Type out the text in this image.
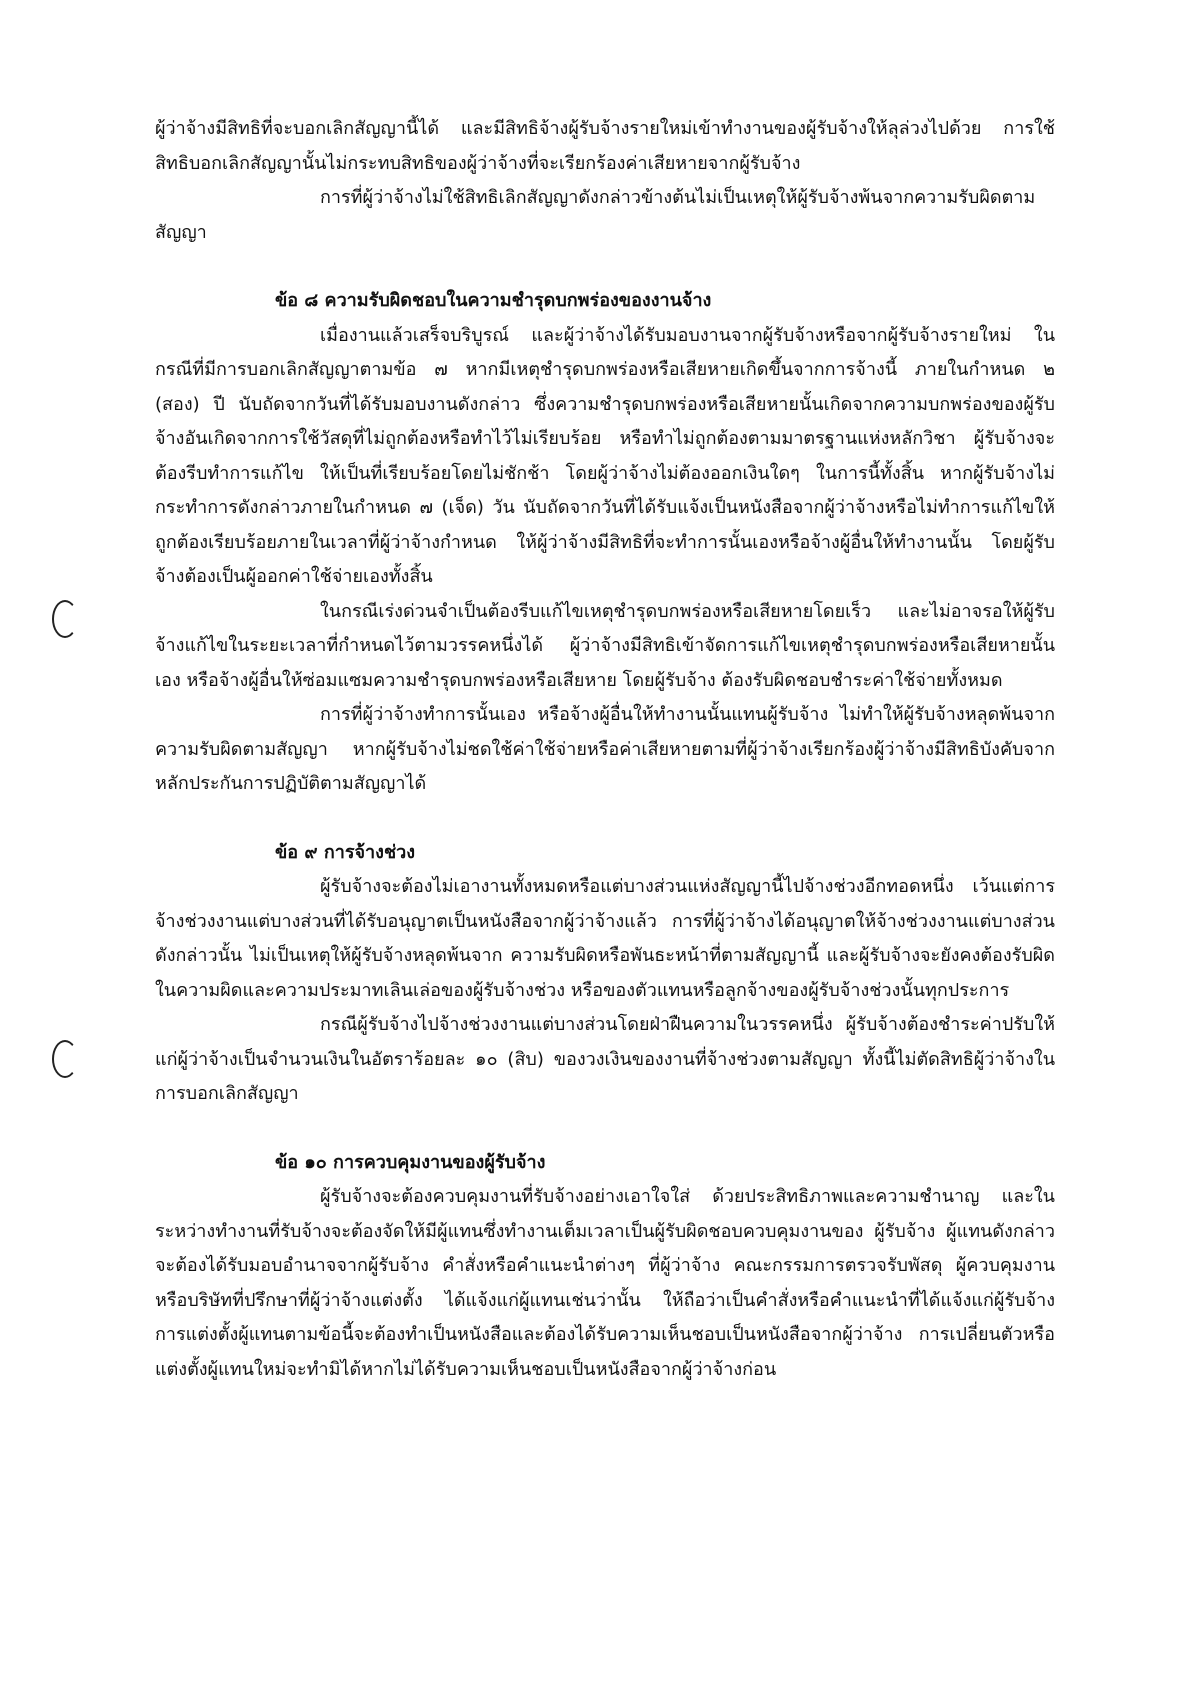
ผู้ว่าจ้างมีสิทธิที่จะบอกเลิกสัญญานี้ได้ และมีสิทธิจ้างผู้รับจ้างรายใหม่เข้าทำงานของผู้รับจ้างให้ลุล่วงไปด้วย การใช้สิทธิบอกเลิกสัญญานั้นไม่กระทบสิทธิของผู้ว่าจ้างที่จะเรียกร้องค่าเสียหายจากผู้รับจ้าง

การที่ผู้ว่าจ้างไม่ใช้สิทธิเลิกสัญญาดังกล่าวข้างต้นไม่เป็นเหตุให้ผู้รับจ้างพ้นจากความรับผิดตามสัญญา

ข้อ ๘ ความรับผิดชอบในความชำรุดบกพร่องของงานจ้าง

เมื่องานแล้วเสร็จบริบูรณ์ และผู้ว่าจ้างได้รับมอบงานจากผู้รับจ้างหรือจากผู้รับจ้างรายใหม่ ในกรณีที่มีการบอกเลิกสัญญาตามข้อ ๗ หากมีเหตุชำรุดบกพร่องหรือเสียหายเกิดขึ้นจากการจ้างนี้ ภายในกำหนด ๒ (สอง) ปี นับถัดจากวันที่ได้รับมอบงานดังกล่าว ซึ่งความชำรุดบกพร่องหรือเสียหายนั้นเกิดจากความบกพร่องของผู้รับจ้างอันเกิดจากการใช้วัสดุที่ไม่ถูกต้องหรือทำไว้ไม่เรียบร้อย หรือทำไม่ถูกต้องตามมาตรฐานแห่งหลักวิชา ผู้รับจ้างจะต้องรีบทำการแก้ไข ให้เป็นที่เรียบร้อยโดยไม่ชักช้า โดยผู้ว่าจ้างไม่ต้องออกเงินใดๆ ในการนี้ทั้งสิ้น หากผู้รับจ้างไม่กระทำการดังกล่าวภายในกำหนด ๗ (เจ็ด) วัน นับถัดจากวันที่ได้รับแจ้งเป็นหนังสือจากผู้ว่าจ้างหรือไม่ทำการแก้ไขให้ถูกต้องเรียบร้อยภายในเวลาที่ผู้ว่าจ้างกำหนด ให้ผู้ว่าจ้างมีสิทธิที่จะทำการนั้นเองหรือจ้างผู้อื่นให้ทำงานนั้น โดยผู้รับจ้างต้องเป็นผู้ออกค่าใช้จ่ายเองทั้งสิ้น

ในกรณีเร่งด่วนจำเป็นต้องรีบแก้ไขเหตุชำรุดบกพร่องหรือเสียหายโดยเร็ว และไม่อาจรอให้ผู้รับจ้างแก้ไขในระยะเวลาที่กำหนดไว้ตามวรรคหนึ่งได้ ผู้ว่าจ้างมีสิทธิเข้าจัดการแก้ไขเหตุชำรุดบกพร่องหรือเสียหายนั้นเอง หรือจ้างผู้อื่นให้ซ่อมแซมความชำรุดบกพร่องหรือเสียหาย โดยผู้รับจ้าง ต้องรับผิดชอบชำระค่าใช้จ่ายทั้งหมด

การที่ผู้ว่าจ้างทำการนั้นเอง หรือจ้างผู้อื่นให้ทำงานนั้นแทนผู้รับจ้าง ไม่ทำให้ผู้รับจ้างหลุดพ้นจากความรับผิดตามสัญญา หากผู้รับจ้างไม่ชดใช้ค่าใช้จ่ายหรือค่าเสียหายตามที่ผู้ว่าจ้างเรียกร้องผู้ว่าจ้างมีสิทธิบังคับจากหลักประกันการปฏิบัติตามสัญญาได้

ข้อ ๙ การจ้างช่วง

ผู้รับจ้างจะต้องไม่เอางานทั้งหมดหรือแต่บางส่วนแห่งสัญญานี้ไปจ้างช่วงอีกทอดหนึ่ง เว้นแต่การจ้างช่วงงานแต่บางส่วนที่ได้รับอนุญาตเป็นหนังสือจากผู้ว่าจ้างแล้ว การที่ผู้ว่าจ้างได้อนุญาตให้จ้างช่วงงานแต่บางส่วนดังกล่าวนั้น ไม่เป็นเหตุให้ผู้รับจ้างหลุดพ้นจาก ความรับผิดหรือพันธะหน้าที่ตามสัญญานี้ และผู้รับจ้างจะยังคงต้องรับผิดในความผิดและความประมาทเลินเล่อของผู้รับจ้างช่วง หรือของตัวแทนหรือลูกจ้างของผู้รับจ้างช่วงนั้นทุกประการ

กรณีผู้รับจ้างไปจ้างช่วงงานแต่บางส่วนโดยฝ่าฝืนความในวรรคหนึ่ง ผู้รับจ้างต้องชำระค่าปรับให้แก่ผู้ว่าจ้างเป็นจำนวนเงินในอัตราร้อยละ ๑๐ (สิบ) ของวงเงินของงานที่จ้างช่วงตามสัญญา ทั้งนี้ไม่ตัดสิทธิผู้ว่าจ้างในการบอกเลิกสัญญา

ข้อ ๑๐ การควบคุมงานของผู้รับจ้าง

ผู้รับจ้างจะต้องควบคุมงานที่รับจ้างอย่างเอาใจใส่ ด้วยประสิทธิภาพและความชำนาญ และในระหว่างทำงานที่รับจ้างจะต้องจัดให้มีผู้แทนซึ่งทำงานเต็มเวลาเป็นผู้รับผิดชอบควบคุมงานของ ผู้รับจ้าง ผู้แทนดังกล่าวจะต้องได้รับมอบอำนาจจากผู้รับจ้าง คำสั่งหรือคำแนะนำต่างๆ ที่ผู้ว่าจ้าง คณะกรรมการตรวจรับพัสดุ ผู้ควบคุมงาน หรือบริษัทที่ปรึกษาที่ผู้ว่าจ้างแต่งตั้ง ได้แจ้งแก่ผู้แทนเช่นว่านั้น ให้ถือว่าเป็นคำสั่งหรือคำแนะนำที่ได้แจ้งแก่ผู้รับจ้าง การแต่งตั้งผู้แทนตามข้อนี้จะต้องทำเป็นหนังสือและต้องได้รับความเห็นชอบเป็นหนังสือจากผู้ว่าจ้าง การเปลี่ยนตัวหรือแต่งตั้งผู้แทนใหม่จะทำมิได้หากไม่ได้รับความเห็นชอบเป็นหนังสือจากผู้ว่าจ้างก่อน
